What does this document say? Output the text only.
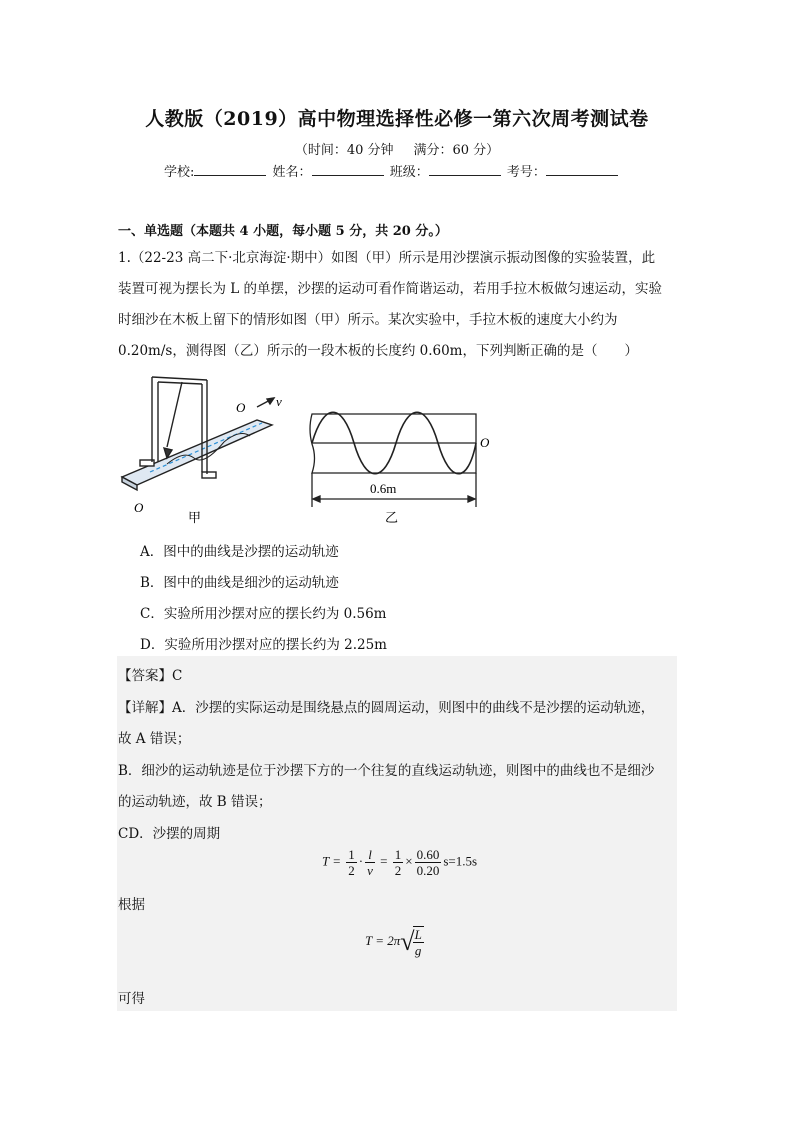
人教版（2019）高中物理选择性必修一第六次周考测试卷
（时间：40 分钟 满分：60 分）
学校:	姓名：	班级：	考号：
一、单选题（本题共 4 小题，每小题 5 分，共 20 分。）
1.（22-23 高二下·北京海淀·期中）如图（甲）所示是用沙摆演示振动图像的实验装置，此
装置可视为摆长为 L 的单摆，沙摆的运动可看作简谐运动，若用手拉木板做匀速运动，实验
时细沙在木板上留下的情形如图（甲）所示。某次实验中，手拉木板的速度大小约为
0.20m/s，测得图（乙）所示的一段木板的长度约 0.60m，下列判断正确的是（　　）
O v
O
甲
O
0.6m
乙
A．图中的曲线是沙摆的运动轨迹
B．图中的曲线是细沙的运动轨迹
C．实验所用沙摆对应的摆长约为 0.56m
D．实验所用沙摆对应的摆长约为 2.25m
【答案】C
【详解】A．沙摆的实际运动是围绕悬点的圆周运动，则图中的曲线不是沙摆的运动轨迹，
故 A 错误；
B．细沙的运动轨迹是位于沙摆下方的一个往复的直线运动轨迹，则图中的曲线也不是细沙
的运动轨迹，故 B 错误；
CD．沙摆的周期
$T = \frac{1}{2} \cdot \frac{l}{v} = \frac{1}{2} \times \frac{0.60}{0.20} s=1.5s$
根据
T = 2π√
$\frac{L}{g}$
可得
